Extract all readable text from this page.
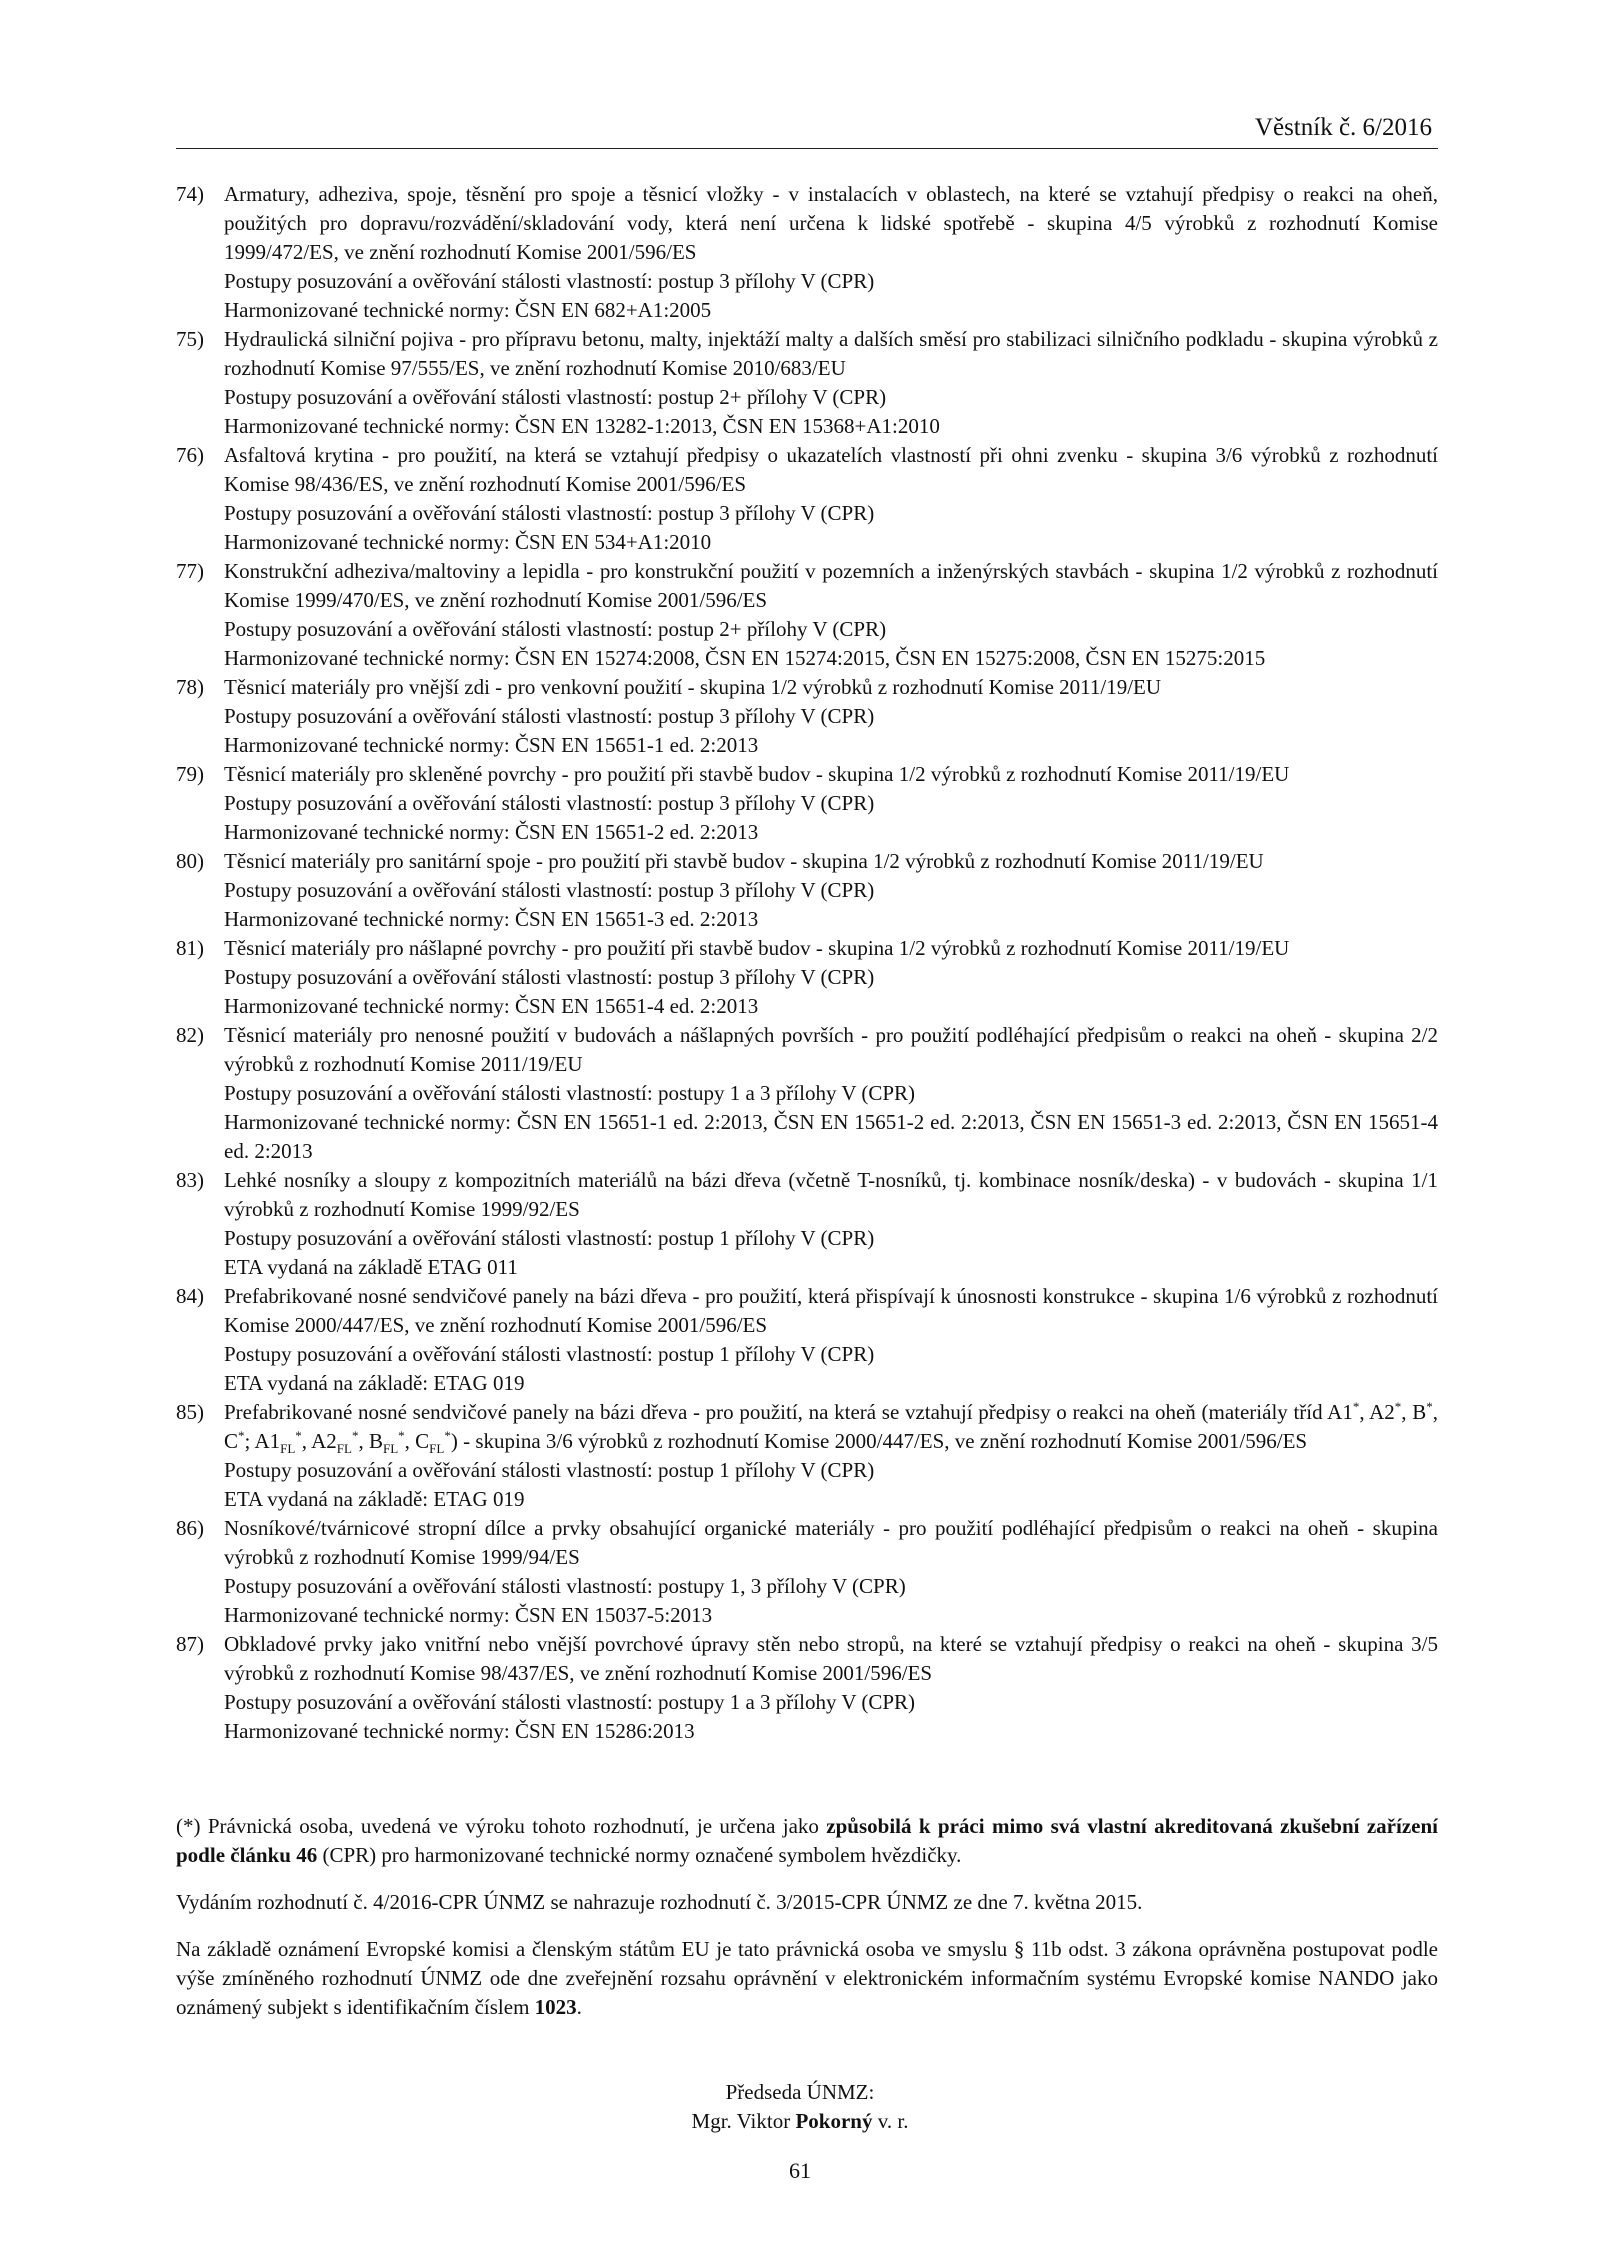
Věstník č. 6/2016
74) Armatury, adheziva, spoje, těsnění pro spoje a těsnicí vložky - v instalacích v oblastech, na které se vztahují předpisy o reakci na oheň, použitých pro dopravu/rozvádění/skladování vody, která není určena k lidské spotřebě - skupina 4/5 výrobků z rozhodnutí Komise 1999/472/ES, ve znění rozhodnutí Komise 2001/596/ES
Postupy posuzování a ověřování stálosti vlastností: postup 3 přílohy V (CPR)
Harmonizované technické normy: ČSN EN 682+A1:2005
75) Hydraulická silniční pojiva - pro přípravu betonu, malty, injektáží malty a dalších směsí pro stabilizaci silničního podkladu - skupina výrobků z rozhodnutí Komise 97/555/ES, ve znění rozhodnutí Komise 2010/683/EU
Postupy posuzování a ověřování stálosti vlastností: postup 2+ přílohy V (CPR)
Harmonizované technické normy: ČSN EN 13282-1:2013, ČSN EN 15368+A1:2010
76) Asfaltová krytina - pro použití, na která se vztahují předpisy o ukazatelích vlastností při ohni zvenku - skupina 3/6 výrobků z rozhodnutí Komise 98/436/ES, ve znění rozhodnutí Komise 2001/596/ES
Postupy posuzování a ověřování stálosti vlastností: postup 3 přílohy V (CPR)
Harmonizované technické normy: ČSN EN 534+A1:2010
77) Konstrukční adheziva/maltoviny a lepidla - pro konstrukční použití v pozemních a inženýrských stavbách - skupina 1/2 výrobků z rozhodnutí Komise 1999/470/ES, ve znění rozhodnutí Komise 2001/596/ES
Postupy posuzování a ověřování stálosti vlastností: postup 2+ přílohy V (CPR)
Harmonizované technické normy: ČSN EN 15274:2008, ČSN EN 15274:2015, ČSN EN 15275:2008, ČSN EN 15275:2015
78) Těsnicí materiály pro vnější zdi - pro venkovní použití - skupina 1/2 výrobků z rozhodnutí Komise 2011/19/EU
Postupy posuzování a ověřování stálosti vlastností: postup 3 přílohy V (CPR)
Harmonizované technické normy: ČSN EN 15651-1 ed. 2:2013
79) Těsnicí materiály pro skleněné povrchy - pro použití při stavbě budov - skupina 1/2 výrobků z rozhodnutí Komise 2011/19/EU
Postupy posuzování a ověřování stálosti vlastností: postup 3 přílohy V (CPR)
Harmonizované technické normy: ČSN EN 15651-2 ed. 2:2013
80) Těsnicí materiály pro sanitární spoje - pro použití při stavbě budov - skupina 1/2 výrobků z rozhodnutí Komise 2011/19/EU
Postupy posuzování a ověřování stálosti vlastností: postup 3 přílohy V (CPR)
Harmonizované technické normy: ČSN EN 15651-3 ed. 2:2013
81) Těsnicí materiály pro nášlapné povrchy - pro použití při stavbě budov - skupina 1/2 výrobků z rozhodnutí Komise 2011/19/EU
Postupy posuzování a ověřování stálosti vlastností: postup 3 přílohy V (CPR)
Harmonizované technické normy: ČSN EN 15651-4 ed. 2:2013
82) Těsnicí materiály pro nenosné použití v budovách a nášlapných površích - pro použití podléhající předpisům o reakci na oheň - skupina 2/2 výrobků z rozhodnutí Komise 2011/19/EU
Postupy posuzování a ověřování stálosti vlastností: postupy 1 a 3 přílohy V (CPR)
Harmonizované technické normy: ČSN EN 15651-1 ed. 2:2013, ČSN EN 15651-2 ed. 2:2013, ČSN EN 15651-3 ed. 2:2013, ČSN EN 15651-4 ed. 2:2013
83) Lehké nosníky a sloupy z kompozitních materiálů na bázi dřeva (včetně T-nosníků, tj. kombinace nosník/deska) - v budovách - skupina 1/1 výrobků z rozhodnutí Komise 1999/92/ES
Postupy posuzování a ověřování stálosti vlastností: postup 1 přílohy V (CPR)
ETA vydaná na základě ETAG 011
84) Prefabrikované nosné sendvičové panely na bázi dřeva - pro použití, která přispívají k únosnosti konstrukce - skupina 1/6 výrobků z rozhodnutí Komise 2000/447/ES, ve znění rozhodnutí Komise 2001/596/ES
Postupy posuzování a ověřování stálosti vlastností: postup 1 přílohy V (CPR)
ETA vydaná na základě: ETAG 019
85) Prefabrikované nosné sendvičové panely na bázi dřeva - pro použití, na která se vztahují předpisy o reakci na oheň (materiály tříd A1*, A2*, B*, C*; $A1_{FL}^*$, $A2_{FL}^*$, $B_{FL}^*$, $C_{FL}^*$) - skupina 3/6 výrobků z rozhodnutí Komise 2000/447/ES, ve znění rozhodnutí Komise 2001/596/ES
Postupy posuzování a ověřování stálosti vlastností: postup 1 přílohy V (CPR)
ETA vydaná na základě: ETAG 019
86) Nosníkové/tvárnicové stropní dílce a prvky obsahující organické materiály - pro použití podléhající předpisům o reakci na oheň - skupina výrobků z rozhodnutí Komise 1999/94/ES
Postupy posuzování a ověřování stálosti vlastností: postupy 1, 3 přílohy V (CPR)
Harmonizované technické normy: ČSN EN 15037-5:2013
87) Obkladové prvky jako vnitřní nebo vnější povrchové úpravy stěn nebo stropů, na které se vztahují předpisy o reakci na oheň - skupina 3/5 výrobků z rozhodnutí Komise 98/437/ES, ve znění rozhodnutí Komise 2001/596/ES
Postupy posuzování a ověřování stálosti vlastností: postupy 1 a 3 přílohy V (CPR)
Harmonizované technické normy: ČSN EN 15286:2013

(*) Právnická osoba, uvedená ve výroku tohoto rozhodnutí, je určena jako způsobilá k práci mimo svá vlastní akreditovaná zkušební zařízení podle článku 46 (CPR) pro harmonizované technické normy označené symbolem hvězdičky.

Vydáním rozhodnutí č. 4/2016-CPR ÚNMZ se nahrazuje rozhodnutí č. 3/2015-CPR ÚNMZ ze dne 7. května 2015.

Na základě oznámení Evropské komisi a členským státům EU je tato právnická osoba ve smyslu § 11b odst. 3 zákona oprávněna postupovat podle výše zmíněného rozhodnutí ÚNMZ ode dne zveřejnění rozsahu oprávnění v elektronickém informačním systému Evropské komise NANDO jako oznámený subjekt s identifikačním číslem 1023.

Předseda ÚNMZ:
Mgr. Viktor Pokorný v. r.
61
